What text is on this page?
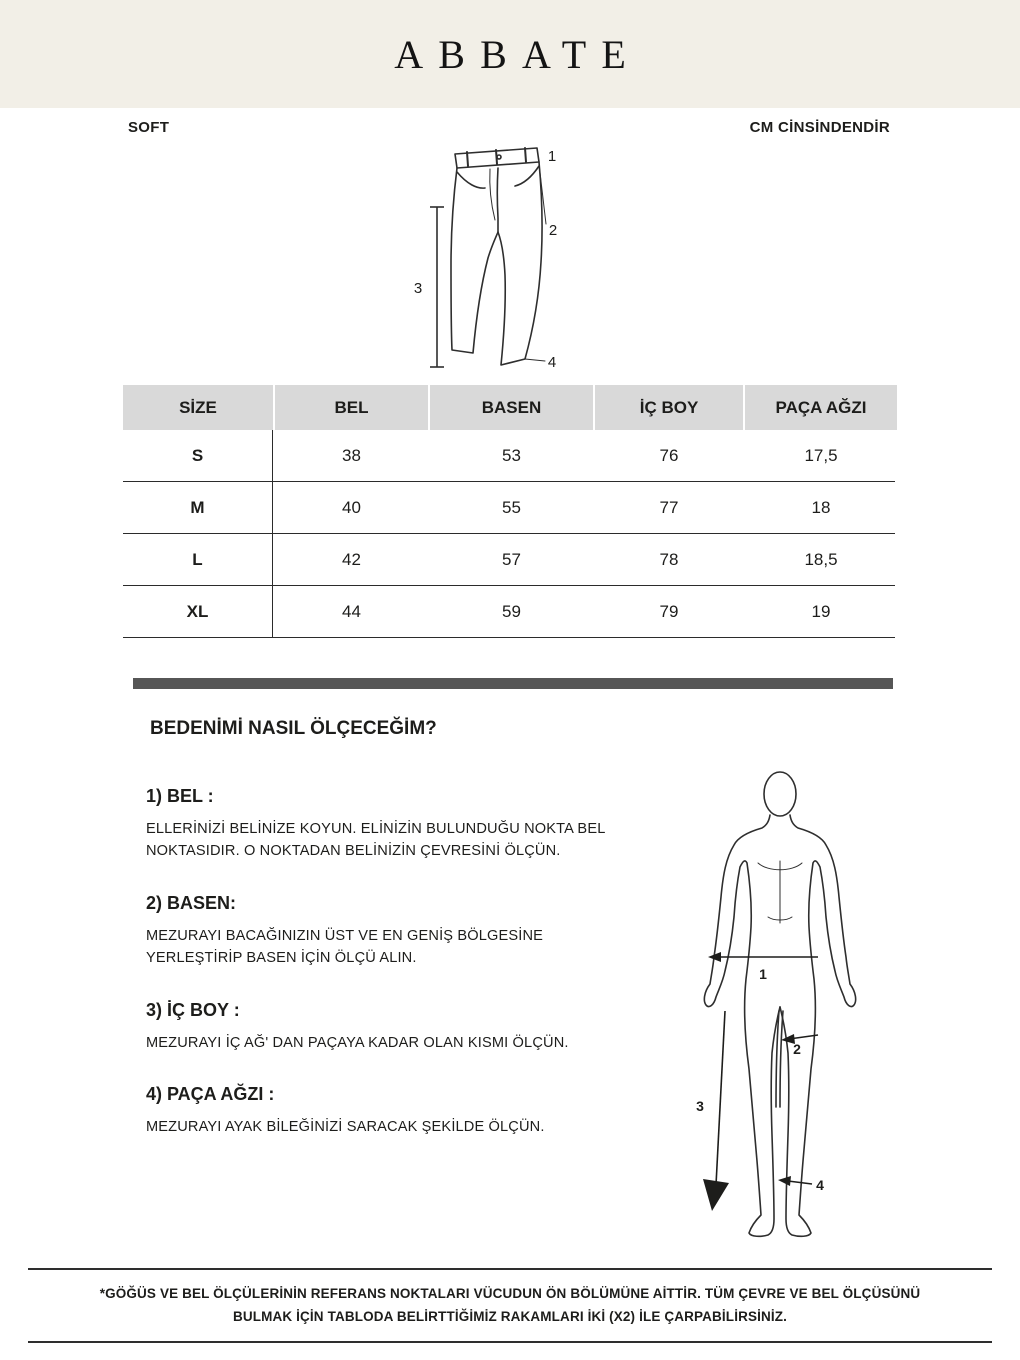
ABBATE
SOFT	CM CİNSİNDENDİR
1
2
3
4
SİZE	BEL	BASEN	İÇ BOY	PAÇA AĞZI
S	38	53	76	17,5
M	40	55	77	18
L	42	57	78	18,5
XL	44	59	79	19
BEDENİMİ NASIL ÖLÇECEĞİM?
1) BEL :
ELLERİNİZİ BELİNİZE KOYUN. ELİNİZİN BULUNDUĞU NOKTA BEL NOKTASIDIR. O NOKTADAN BELİNİZİN ÇEVRESİNİ ÖLÇÜN.
2) BASEN:
MEZURAYI BACAĞINIZIN ÜST VE EN GENİŞ BÖLGESİNE YERLEŞTİRİP BASEN İÇİN ÖLÇÜ ALIN.
3) İÇ BOY :
MEZURAYI İÇ AĞ' DAN PAÇAYA KADAR OLAN KISMI ÖLÇÜN.
4) PAÇA AĞZI :
MEZURAYI AYAK BİLEĞİNİZİ SARACAK ŞEKİLDE ÖLÇÜN.
1
2
3
4
*GÖĞÜS VE BEL ÖLÇÜLERİNİN REFERANS NOKTALARI VÜCUDUN ÖN BÖLÜMÜNE AİTTİR. TÜM ÇEVRE VE BEL ÖLÇÜSÜNÜ BULMAK İÇİN TABLODA BELİRTTİĞİMİZ RAKAMLARI İKİ (X2) İLE ÇARPABİLİRSİNİZ.
